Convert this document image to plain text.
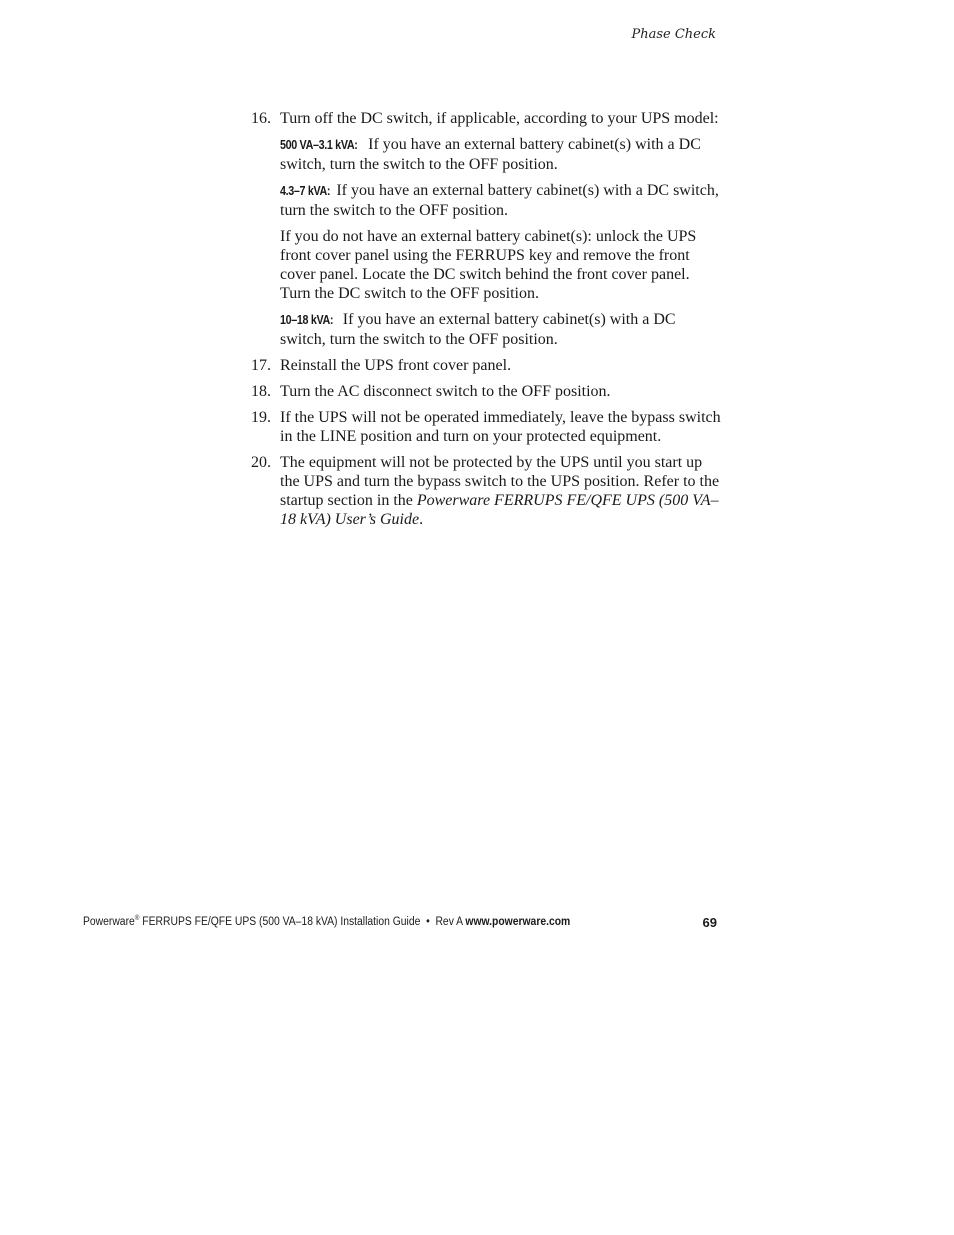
Phase Check
16. Turn off the DC switch, if applicable, according to your UPS model:

500 VA–3.1 kVA: If you have an external battery cabinet(s) with a DC switch, turn the switch to the OFF position.

4.3–7 kVA: If you have an external battery cabinet(s) with a DC switch, turn the switch to the OFF position.

If you do not have an external battery cabinet(s): unlock the UPS front cover panel using the FERRUPS key and remove the front cover panel. Locate the DC switch behind the front cover panel. Turn the DC switch to the OFF position.

10–18 kVA: If you have an external battery cabinet(s) with a DC switch, turn the switch to the OFF position.

17. Reinstall the UPS front cover panel.

18. Turn the AC disconnect switch to the OFF position.

19. If the UPS will not be operated immediately, leave the bypass switch in the LINE position and turn on your protected equipment.

20. The equipment will not be protected by the UPS until you start up the UPS and turn the bypass switch to the UPS position. Refer to the startup section in the Powerware FERRUPS FE/QFE UPS (500 VA–18 kVA) User’s Guide.

Powerware® FERRUPS FE/QFE UPS (500 VA–18 kVA) Installation Guide  •  Rev A www.powerware.com	69
